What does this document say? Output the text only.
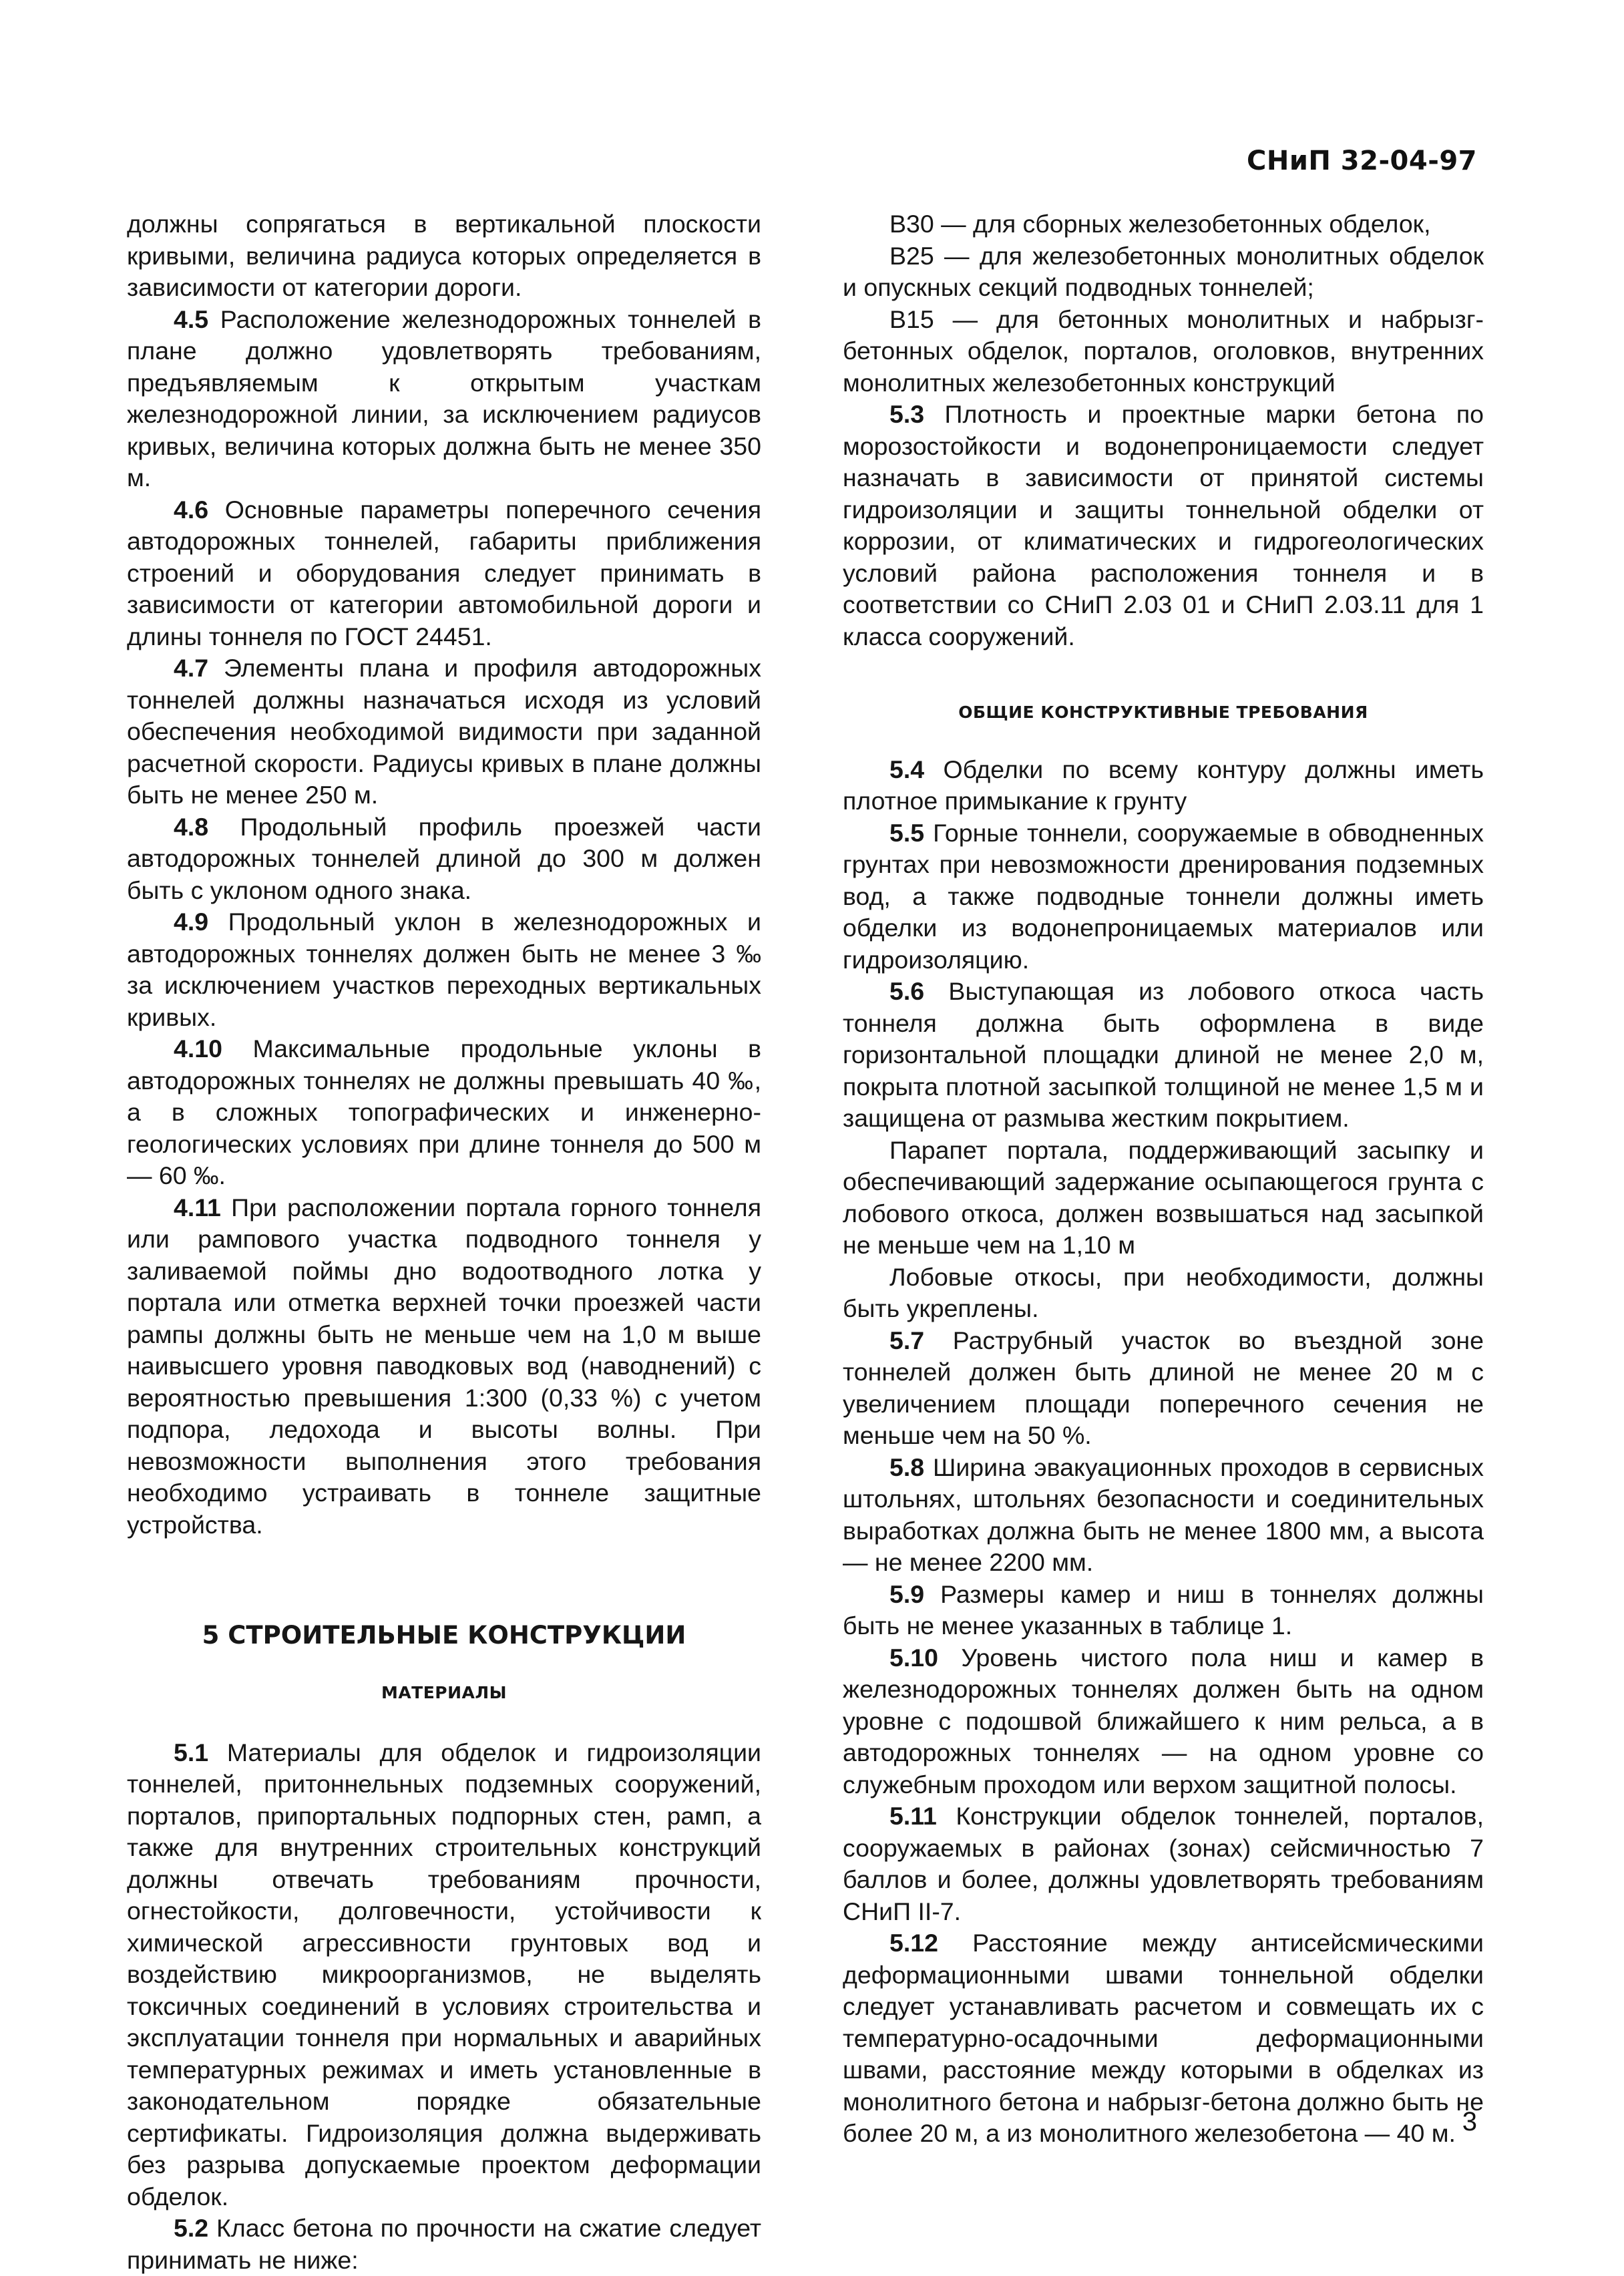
СНиП 32-04-97

должны сопрягаться в вертикальной плоскости кривыми, величина радиуса которых определяется в зависимости от категории дороги.

4.5 Расположение железнодорожных тоннелей в плане должно удовлетворять требованиям, предъявляемым к открытым участкам железнодорожной линии, за исключением радиусов кривых, величина которых должна быть не менее 350 м.

4.6 Основные параметры поперечного сечения автодорожных тоннелей, габариты приближения строений и оборудования следует принимать в зависимости от категории автомобильной дороги и длины тоннеля по ГОСТ 24451.

4.7 Элементы плана и профиля автодорожных тоннелей должны назначаться исходя из условий обеспечения необходимой видимости при заданной расчетной скорости. Радиусы кривых в плане должны быть не менее 250 м.

4.8 Продольный профиль проезжей части автодорожных тоннелей длиной до 300 м должен быть с уклоном одного знака.

4.9 Продольный уклон в железнодорожных и автодорожных тоннелях должен быть не менее 3 ‰ за исключением участков переходных вертикальных кривых.

4.10 Максимальные продольные уклоны в автодорожных тоннелях не должны превышать 40 ‰, а в сложных топографических и инженерно-геологических условиях при длине тоннеля до 500 м — 60 ‰.

4.11 При расположении портала горного тоннеля или рампового участка подводного тоннеля у заливаемой поймы дно водоотводного лотка у портала или отметка верхней точки проезжей части рампы должны быть не меньше чем на 1,0 м выше наивысшего уровня паводковых вод (наводнений) с вероятностью превышения 1:300 (0,33 %) с учетом подпора, ледохода и высоты волны. При невозможности выполнения этого требования необходимо устраивать в тоннеле защитные устройства.

5 СТРОИТЕЛЬНЫЕ КОНСТРУКЦИИ

МАТЕРИАЛЫ

5.1 Материалы для обделок и гидроизоляции тоннелей, притоннельных подземных сооружений, порталов, припортальных подпорных стен, рамп, а также для внутренних строительных конструкций должны отвечать требованиям прочности, огнестойкости, долговечности, устойчивости к химической агрессивности грунтовых вод и воздействию микроорганизмов, не выделять токсичных соединений в условиях строительства и эксплуатации тоннеля при нормальных и аварийных температурных режимах и иметь установленные в законодательном порядке обязательные сертификаты. Гидроизоляция должна выдерживать без разрыва допускаемые проектом деформации обделок.

5.2 Класс бетона по прочности на сжатие следует принимать не ниже:

В30 — для сборных железобетонных обделок,

В25 — для железобетонных монолитных обделок и опускных секций подводных тоннелей;

В15 — для бетонных монолитных и набрызг-бетонных обделок, порталов, оголовков, внутренних монолитных железобетонных конструкций

5.3 Плотность и проектные марки бетона по морозостойкости и водонепроницаемости следует назначать в зависимости от принятой системы гидроизоляции и защиты тоннельной обделки от коррозии, от климатических и гидрогеологических условий района расположения тоннеля и в соответствии со СНиП 2.03 01 и СНиП 2.03.11 для 1 класса сооружений.

ОБЩИЕ КОНСТРУКТИВНЫЕ ТРЕБОВАНИЯ

5.4 Обделки по всему контуру должны иметь плотное примыкание к грунту

5.5 Горные тоннели, сооружаемые в обводненных грунтах при невозможности дренирования подземных вод, а также подводные тоннели должны иметь обделки из водонепроницаемых материалов или гидроизоляцию.

5.6 Выступающая из лобового откоса часть тоннеля должна быть оформлена в виде горизонтальной площадки длиной не менее 2,0 м, покрыта плотной засыпкой толщиной не менее 1,5 м и защищена от размыва жестким покрытием.

Парапет портала, поддерживающий засыпку и обеспечивающий задержание осыпающегося грунта с лобового откоса, должен возвышаться над засыпкой не меньше чем на 1,10 м

Лобовые откосы, при необходимости, должны быть укреплены.

5.7 Раструбный участок во въездной зоне тоннелей должен быть длиной не менее 20 м с увеличением площади поперечного сечения не меньше чем на 50 %.

5.8 Ширина эвакуационных проходов в сервисных штольнях, штольнях безопасности и соединительных выработках должна быть не менее 1800 мм, а высота — не менее 2200 мм.

5.9 Размеры камер и ниш в тоннелях должны быть не менее указанных в таблице 1.

5.10 Уровень чистого пола ниш и камер в железнодорожных тоннелях должен быть на одном уровне с подошвой ближайшего к ним рельса, а в автодорожных тоннелях — на одном уровне со служебным проходом или верхом защитной полосы.

5.11 Конструкции обделок тоннелей, порталов, сооружаемых в районах (зонах) сейсмичностью 7 баллов и более, должны удовлетворять требованиям СНиП II-7.

5.12 Расстояние между антисейсмическими деформационными швами тоннельной обделки следует устанавливать расчетом и совмещать их с температурно-осадочными деформационными швами, расстояние между которыми в обделках из монолитного бетона и набрызг-бетона должно быть не более 20 м, а из монолитного железобетона — 40 м. 3
